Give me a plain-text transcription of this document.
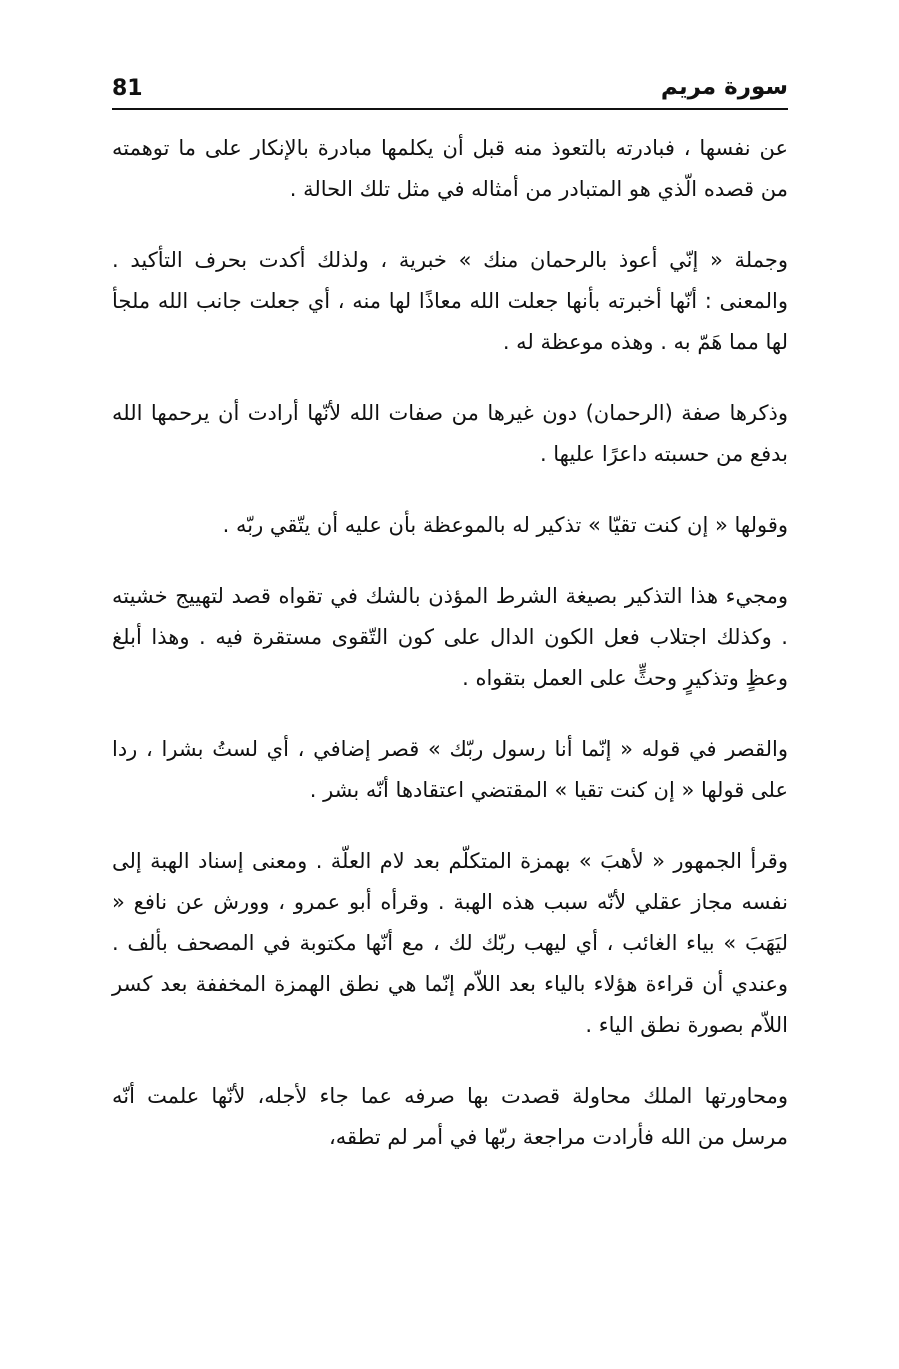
81	سورة مريم

عن نفسها ، فبادرته بالتعوذ منه قبل أن يكلمها مبادرة بالإنكار على ما توهمته من قصده الّذي هو المتبادر من أمثاله في مثل تلك الحالة .

وجملة « إنّي أعوذ بالرحمان منك » خبرية ، ولذلك أكدت بحرف التأكيد . والمعنى : أنّها أخبرته بأنها جعلت الله معاذًا لها منه ، أي جعلت جانب الله ملجأ لها مما هَمّ به . وهذه موعظة له .

وذكرها صفة (الرحمان) دون غيرها من صفات الله لأنّها أرادت أن يرحمها الله بدفع من حسبته داعرًا عليها .

وقولها « إن كنت تقيّا » تذكير له بالموعظة بأن عليه أن يتّقي ربّه .

ومجيء هذا التذكير بصيغة الشرط المؤذن بالشك في تقواه قصد لتهييج خشيته . وكذلك اجتلاب فعل الكون الدال على كون التّقوى مستقرة فيه . وهذا أبلغ وعظٍ وتذكيرٍ وحثٍّ على العمل بتقواه .

والقصر في قوله « إنّما أنا رسول ربّك » قصر إضافي ، أي لستُ بشرا ، ردا على قولها « إن كنت تقيا » المقتضي اعتقادها أنّه بشر .

وقرأ الجمهور « لأهبَ » بهمزة المتكلّم بعد لام العلّة . ومعنى إسناد الهبة إلى نفسه مجاز عقلي لأنّه سبب هذه الهبة . وقرأه أبو عمرو ، وورش عن نافع « ليَهَبَ » بياء الغائب ، أي ليهب ربّك لك ، مع أنّها مكتوبة في المصحف بألف . وعندي أن قراءة هؤلاء بالياء بعد اللاّم إنّما هي نطق الهمزة المخففة بعد كسر اللاّم بصورة نطق الياء .

ومحاورتها الملك محاولة قصدت بها صرفه عما جاء لأجله، لأنّها علمت أنّه مرسل من الله فأرادت مراجعة ربّها في أمر لم تطقه،
